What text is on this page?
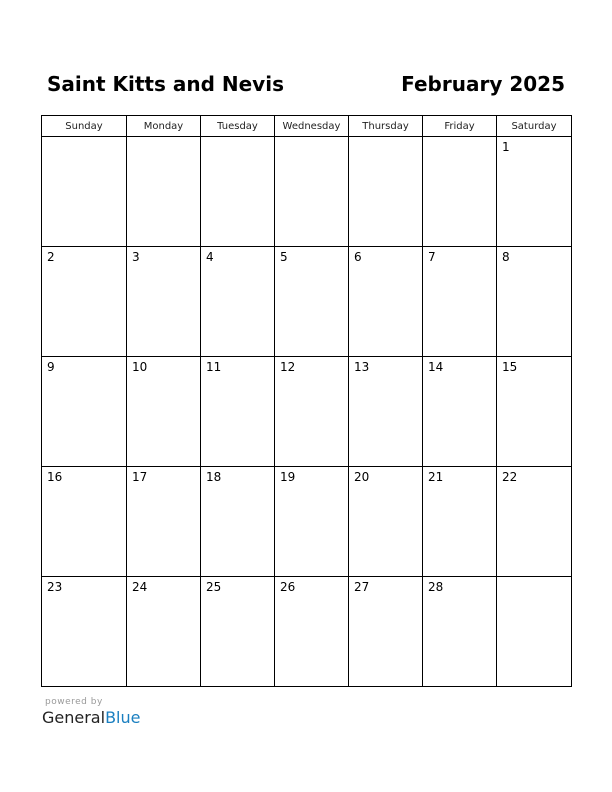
Saint Kitts and Nevis	February 2025
Sunday	Monday	Tuesday	Wednesday	Thursday	Friday	Saturday

						1

2	3	4	5	6	7	8

9	10	11	12	13	14	15

16	17	18	19	20	21	22

23	24	25	26	27	28	

powered by
GeneralBlue
